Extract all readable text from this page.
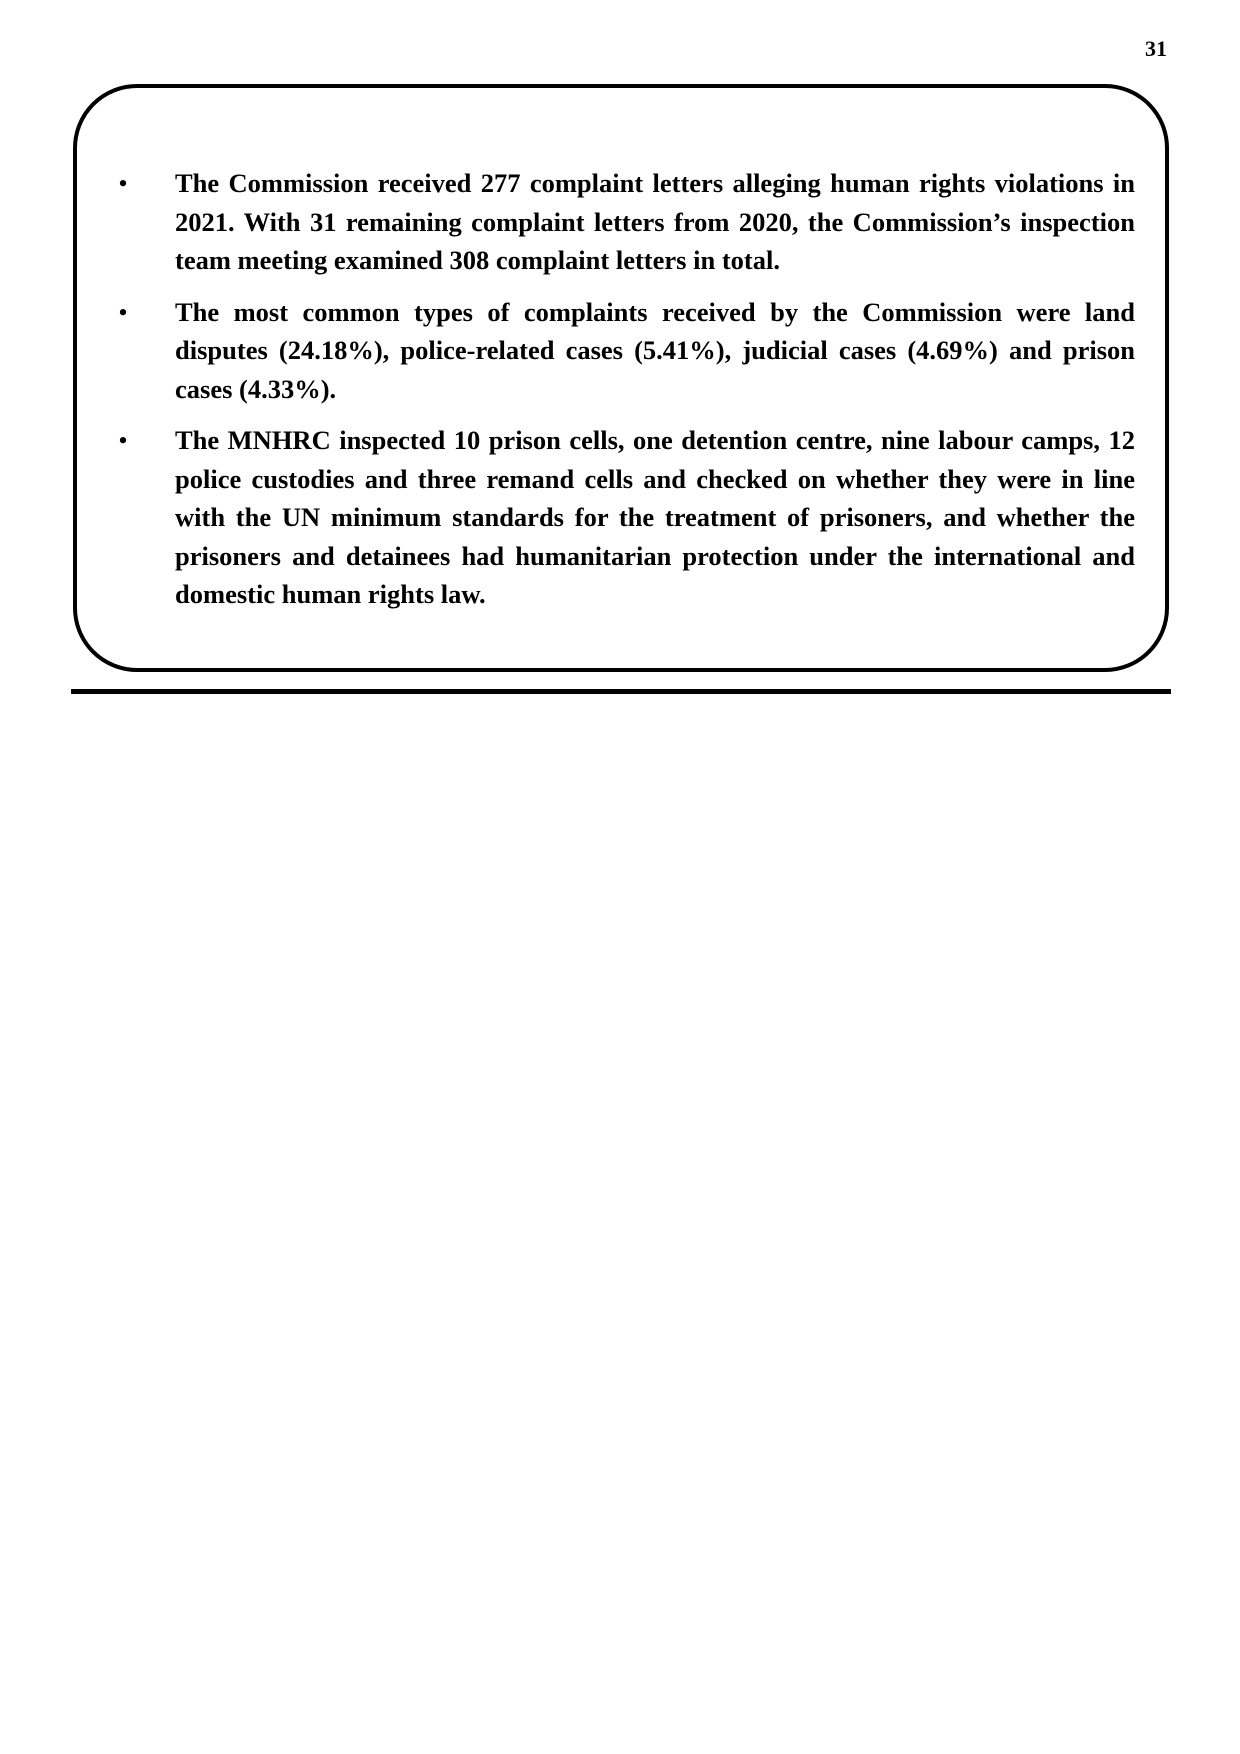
31
•	The Commission received 277 complaint letters alleging human rights violations in 2021. With 31 remaining complaint letters from 2020, the Commission’s inspection team meeting examined 308 complaint letters in total.
•	The most common types of complaints received by the Commission were land disputes (24.18%), police-related cases (5.41%), judicial cases (4.69%) and prison cases (4.33%).
•	The MNHRC inspected 10 prison cells, one detention centre, nine labour camps, 12 police custodies and three remand cells and checked on whether they were in line with the UN minimum standards for the treatment of prisoners, and whether the prisoners and detainees had humanitarian protection under the international and domestic human rights law.
